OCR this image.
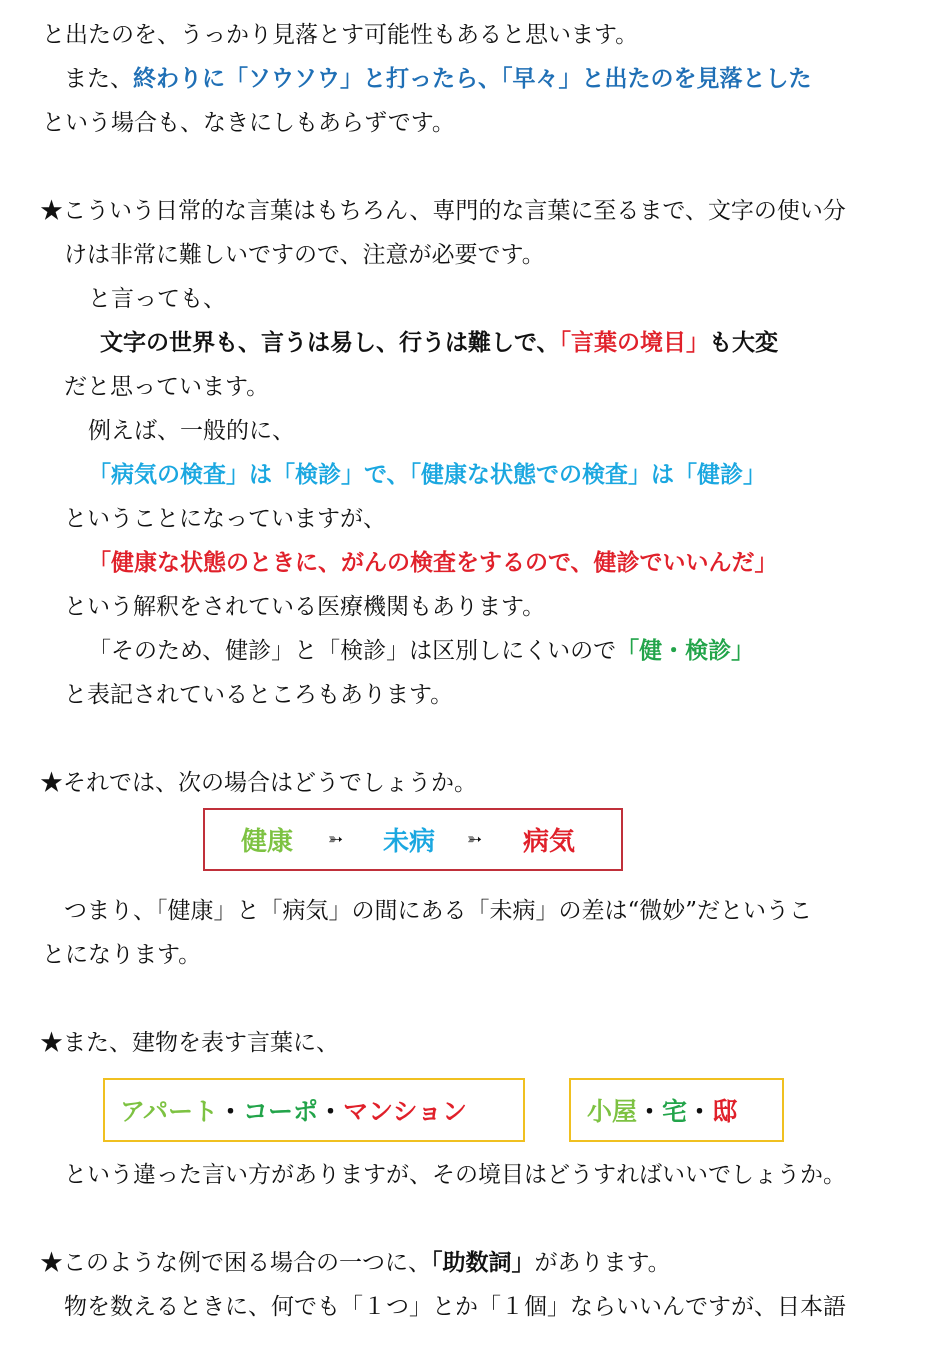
と出たのを、うっかり見落とす可能性もあると思います。
また、終わりに「ソウソウ」と打ったら、「早々」と出たのを見落とした
という場合も、なきにしもあらずです。
★こういう日常的な言葉はもちろん、専門的な言葉に至るまで、文字の使い分
けは非常に難しいですので、注意が必要です。
と言っても、
文字の世界も、言うは易し、行うは難しで、「言葉の境目」も大変
だと思っています。
例えば、一般的に、
「病気の検査」は「検診」で、「健康な状態での検査」は「健診」
ということになっていますが、
「健康な状態のときに、がんの検査をするので、健診でいいんだ」
という解釈をされている医療機関もあります。
「そのため、健診」と「検診」は区別しにくいので「健・検診」
と表記されているところもあります。
★それでは、次の場合はどうでしょうか。
健康 ➳ 未病 ➳ 病気
つまり、「健康」と「病気」の間にある「未病」の差は“微妙”だというこ
とになります。
★また、建物を表す言葉に、
アパート ・ コーポ ・ マンション	小屋 ・ 宅 ・ 邸
という違った言い方がありますが、その境目はどうすればいいでしょうか。
★このような例で困る場合の一つに、「助数詞」があります。
物を数えるときに、何でも「１つ」とか「１個」ならいいんですが、日本語
